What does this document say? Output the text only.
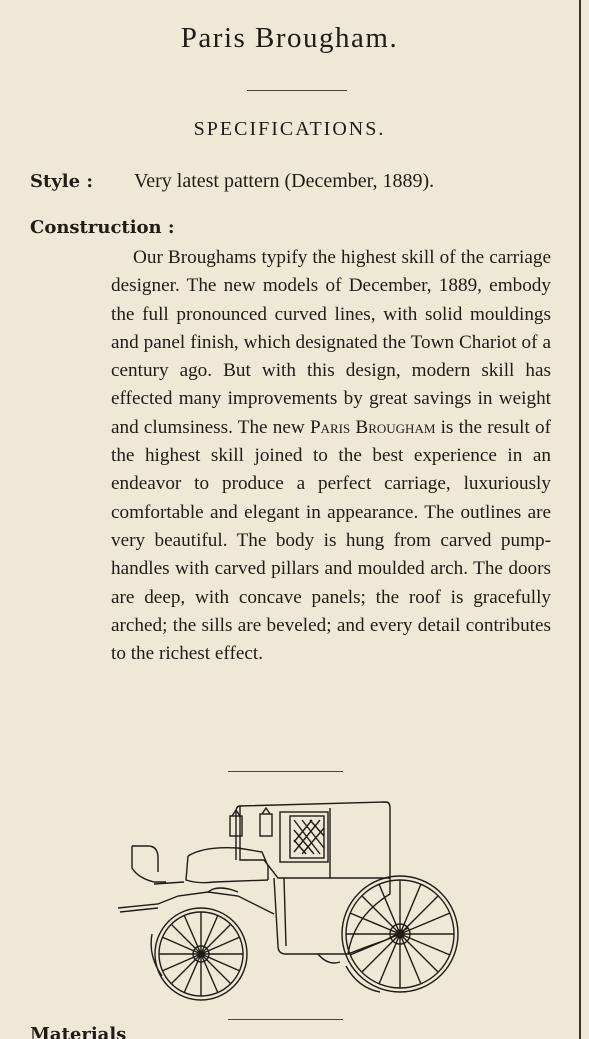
Paris Brougham.
SPECIFICATIONS.
Style : Very latest pattern (December, 1889).
Construction :

Our Broughams typify the highest skill of the carriage designer. The new models of December, 1889, embody the full pronounced curved lines, with solid mouldings and panel finish, which designated the Town Chariot of a century ago. But with this design, modern skill has effected many improvements by great savings in weight and clumsiness. The new Paris Brougham is the result of the highest skill joined to the best experience in an endeavor to produce a perfect carriage, luxuriously comfortable and elegant in appearance. The outlines are very beautiful. The body is hung from carved pump-handles with carved pillars and moulded arch. The doors are deep, with concave panels; the roof is gracefully arched; the sills are beveled; and every detail contributes to the richest effect.

Materials
